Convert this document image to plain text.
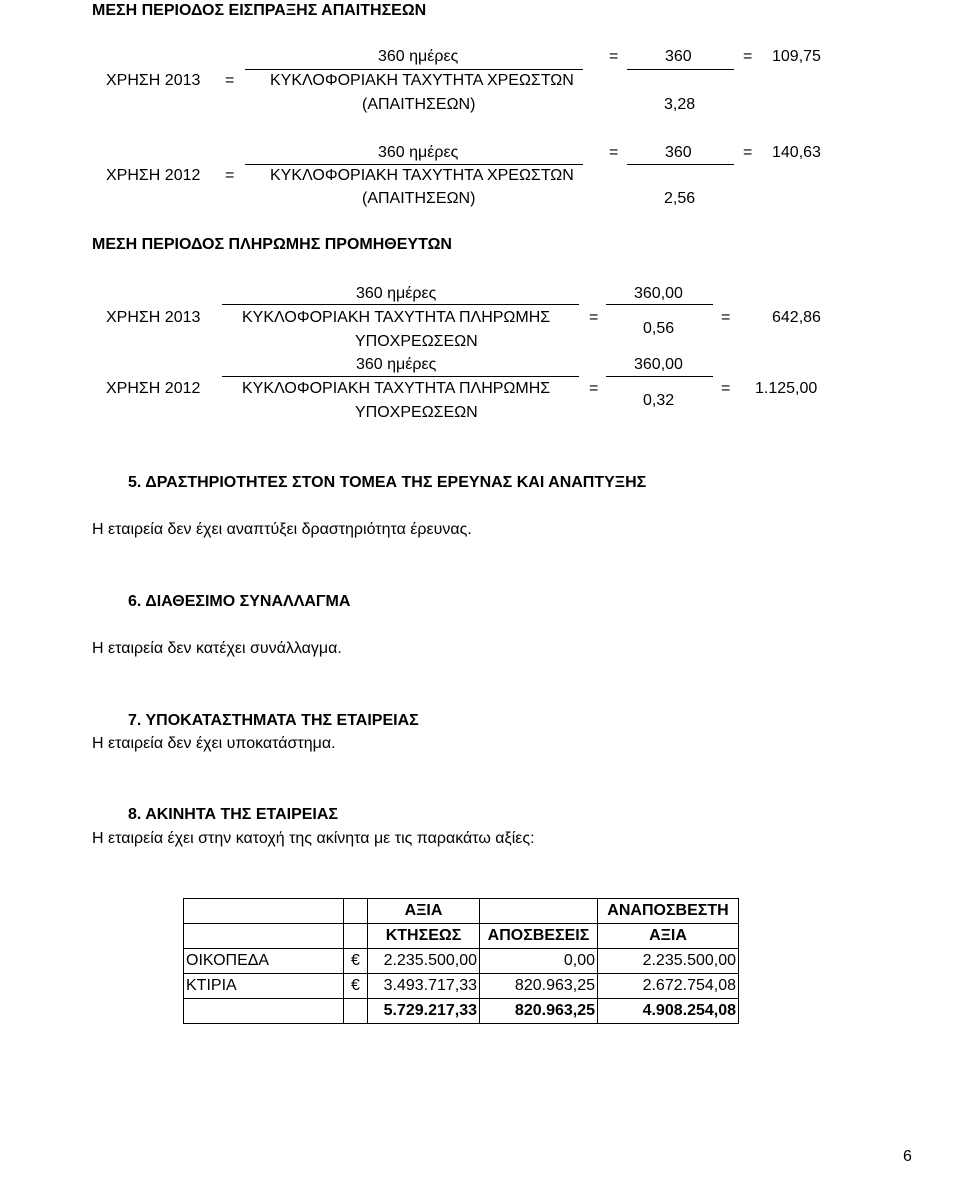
ΜΕΣΗ ΠΕΡΙΟΔΟΣ ΕΙΣΠΡΑΞΗΣ ΑΠΑΙΤΗΣΕΩΝ
360 ημέρες
ΧΡΗΣΗ 2013 = ΚΥΚΛΟΦΟΡΙΑΚΗ ΤΑΧΥΤΗΤΑ ΧΡΕΩΣΤΩΝ
(ΑΠΑΙΤΗΣΕΩΝ)
=	360
3,28
= 109,75
360 ημέρες
ΧΡΗΣΗ 2012 = ΚΥΚΛΟΦΟΡΙΑΚΗ ΤΑΧΥΤΗΤΑ ΧΡΕΩΣΤΩΝ
(ΑΠΑΙΤΗΣΕΩΝ)
=	360
2,56
= 140,63
ΜΕΣΗ ΠΕΡΙΟΔΟΣ ΠΛΗΡΩΜΗΣ ΠΡΟΜΗΘΕΥΤΩΝ
360 ημέρες
ΧΡΗΣΗ 2013	ΚΥΚΛΟΦΟΡΙΑΚΗ ΤΑΧΥΤΗΤΑ ΠΛΗΡΩΜΗΣ
ΥΠΟΧΡΕΩΣΕΩΝ
=
360,00
0,56
=	642,86
360 ημέρες
ΧΡΗΣΗ 2012	ΚΥΚΛΟΦΟΡΙΑΚΗ ΤΑΧΥΤΗΤΑ ΠΛΗΡΩΜΗΣ
ΥΠΟΧΡΕΩΣΕΩΝ
=
360,00
0,32
= 1.125,00
5. ΔΡΑΣΤΗΡΙΟΤΗΤΕΣ ΣΤΟΝ ΤΟΜΕΑ ΤΗΣ ΕΡΕΥΝΑΣ ΚΑΙ ΑΝΑΠΤΥΞΗΣ
Η εταιρεία δεν έχει αναπτύξει δραστηριότητα έρευνας.
6. ΔΙΑΘΕΣΙΜΟ ΣΥΝΑΛΛΑΓΜΑ
Η εταιρεία δεν κατέχει συνάλλαγμα.
7. ΥΠΟΚΑΤΑΣΤΗΜΑΤΑ ΤΗΣ ΕΤΑΙΡΕΙΑΣ
Η εταιρεία δεν έχει υποκατάστημα.
8. ΑΚΙΝΗΤΑ ΤΗΣ ΕΤΑΙΡΕΙΑΣ
Η εταιρεία έχει στην κατοχή της ακίνητα με τις παρακάτω αξίες:
		ΑΞΙΑ		ΑΝΑΠΟΣΒΕΣΤΗ
		ΚΤΗΣΕΩΣ	ΑΠΟΣΒΕΣΕΙΣ	ΑΞΙΑ
ΟΙΚΟΠΕΔΑ	€	2.235.500,00	0,00	2.235.500,00
ΚΤΙΡΙΑ	€	3.493.717,33	820.963,25	2.672.754,08
		5.729.217,33	820.963,25	4.908.254,08
6
